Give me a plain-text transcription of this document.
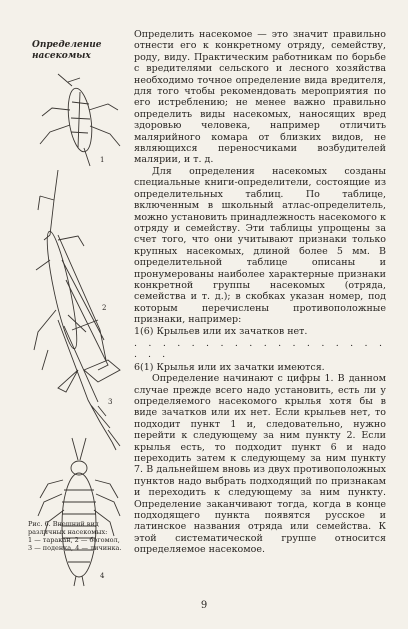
Определение
насекомых
1
2
3
4
Рис. 6. Внешний вид
различных насекомых:
1 — таракан, 2 — богомол,
3 — поденка, 4 — личинка.

Определить насекомое — это значит правильно отнести его к конкретному отряду, семейству, роду, виду. Практическим работникам по борьбе с вредителями сельского и лесного хозяйства необходимо точное определение вида вредителя, для того чтобы рекомендовать мероприятия по его истреблению; не менее важно правильно определить виды насекомых, наносящих вред здоровью человека, например отличить малярийного комара от близких видов, не являющихся переносчиками возбудителей малярии, и т. д.

Для определения насекомых созданы специальные книги-определители, состоящие из определительных таблиц. По таблице, включенным в школьный атлас-определитель, можно установить принадлежность насекомого к отряду и семейству. Эти таблицы упрощены за счет того, что они учитывают признаки только крупных насекомых, длиной более 5 мм. В определительной таблице описаны и пронумерованы наиболее характерные признаки конкретной группы насекомых (отряда, семейства и т. д.); в скобках указан номер, под которым перечислены противоположные признаки, например:

1(6) Крыльев или их зачатков нет.

. . . . . . . . . . . . . . . . . . . . .

6(1) Крылья или их зачатки имеются.

Определение начинают с цифры 1. В данном случае прежде всего надо установить, есть ли у определяемого насекомого крылья хотя бы в виде зачатков или их нет. Если крыльев нет, то подходит пункт 1 и, следовательно, нужно перейти к следующему за ним пункту 2. Если крылья есть, то подходит пункт 6 и надо переходить затем к следующему за ним пункту 7. В дальнейшем вновь из двух противоположных пунктов надо выбрать подходящий по признакам и переходить к следующему за ним пункту. Определение заканчивают тогда, когда в конце подходящего пункта появятся русское и латинское названия отряда или семейства. К этой систематической группе относится определяемое насекомое.

9
